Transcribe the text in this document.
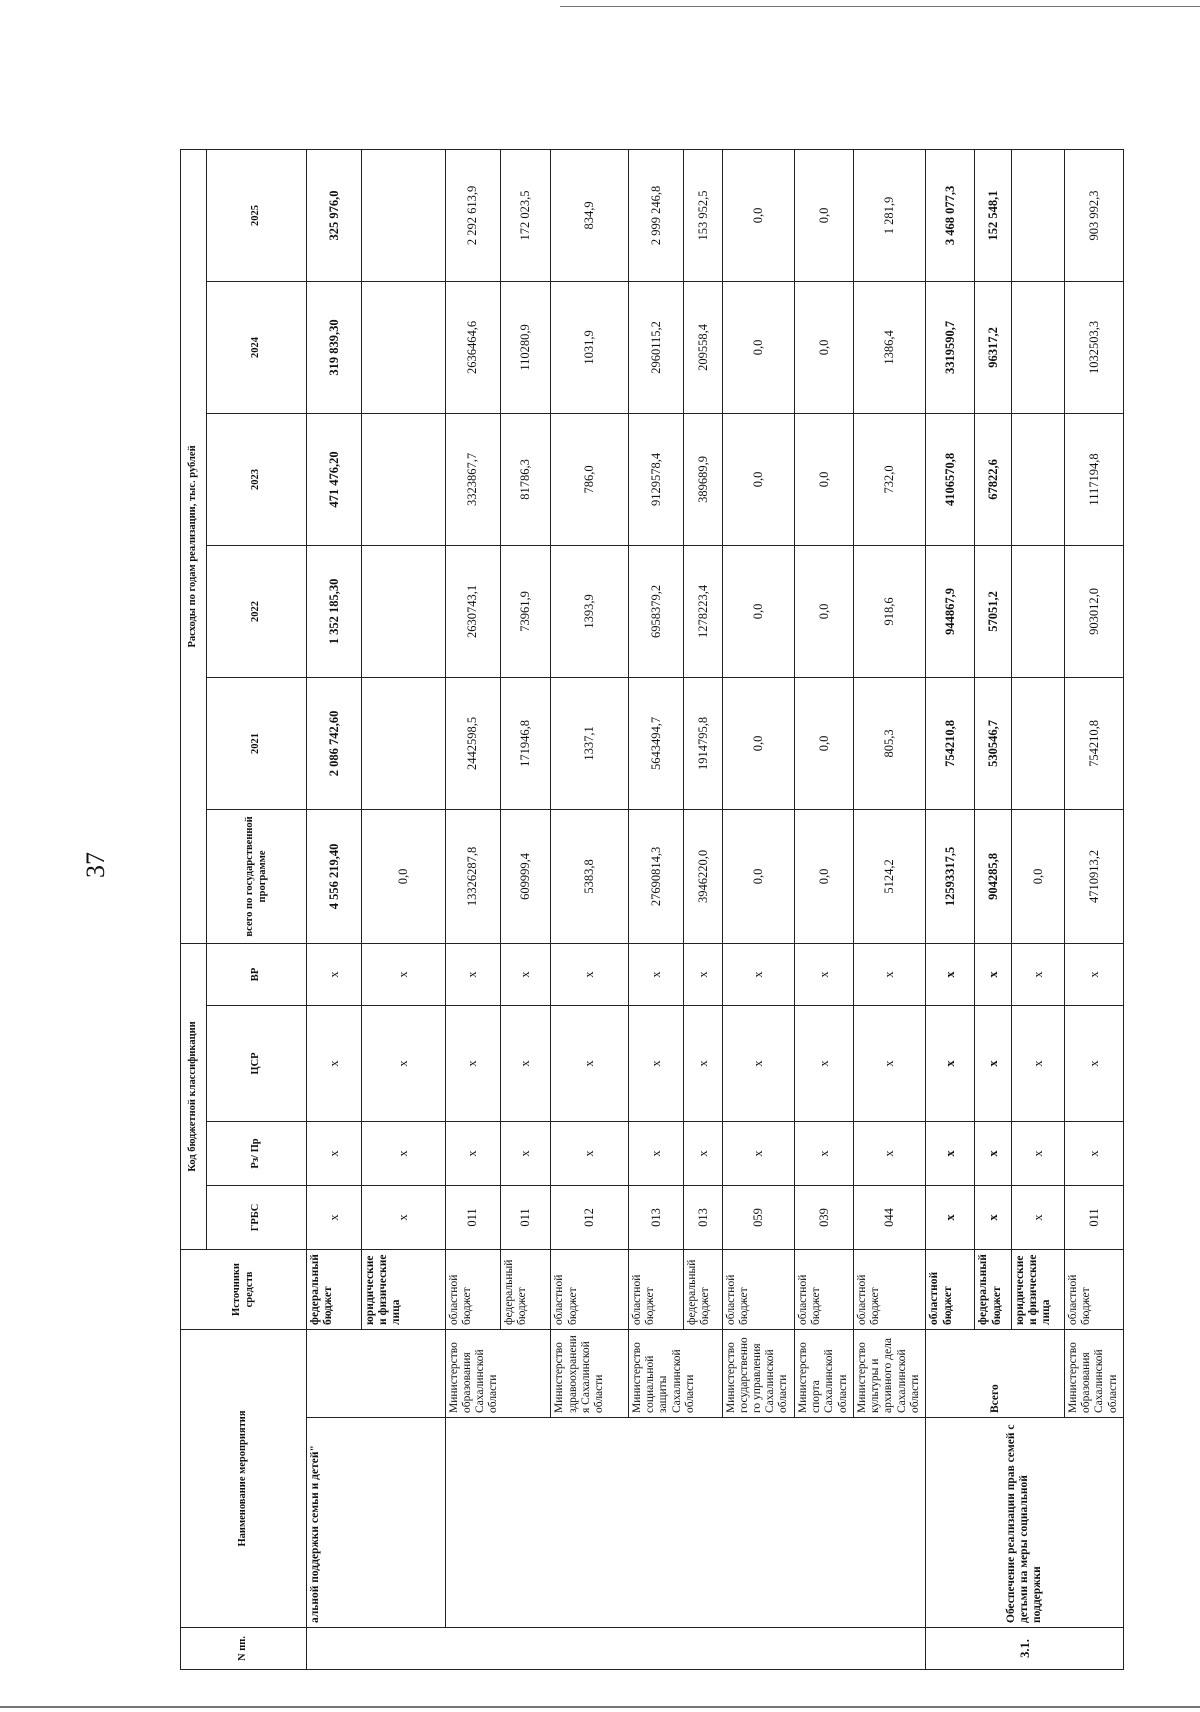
37
N пп.	Наименование мероприятия		Источники средств	Код бюджетной классификации				Расходы по годам реализации, тыс. рублей					
				ГРБС	Рз/ Пр	ЦСР	ВР	всего по государственной программе	2021	2022	2023	2024	2025
	альной поддержки семьи и детей"		федеральный бюджет	x	x	x	x	4 556 219,40	2 086 742,60	1 352 185,30	471 476,20	319 839,30	325 976,0
			юридические и физические лица	x	x	x	x	0,0					
		Министерство образования Сахалинской области	областной бюджет	011	x	x	x	13326287,8	2442598,5	2630743,1	3323867,7	2636464,6	2 292 613,9
			федеральный бюджет	011	x	x	x	609999,4	171946,8	73961,9	81786,3	110280,9	172 023,5
		Министерство здравоохранения Сахалинской области	областной бюджет	012	x	x	x	5383,8	1337,1	1393,9	786,0	1031,9	834,9
		Министерство социальной защиты Сахалинской области	областной бюджет	013	x	x	x	27690814,3	5643494,7	6958379,2	9129578,4	2960115,2	2 999 246,8
			федеральный бюджет	013	x	x	x	3946220,0	1914795,8	1278223,4	389689,9	209558,4	153 952,5
		Министерство государственного управления Сахалинской области	областной бюджет	059	x	x	x	0,0	0,0	0,0	0,0	0,0	0,0
		Министерство спорта Сахалинской области	областной бюджет	039	x	x	x	0,0	0,0	0,0	0,0	0,0	0,0
		Министерство культуры и архивного дела Сахалинской области	областной бюджет	044	x	x	x	5124,2	805,3	918,6	732,0	1386,4	1 281,9
3.1.	Обеспечение реализации прав семей с детьми на меры социальной поддержки	Всего	областной бюджет	x	x	x	x	12593317,5	754210,8	944867,9	4106570,8	3319590,7	3 468 077,3
			федеральный бюджет	x	x	x	x	904285,8	530546,7	57051,2	67822,6	96317,2	152 548,1
			юридические и физические лица	x	x	x	x	0,0					
		Министерство образования Сахалинской области	областной бюджет	011	x	x	x	4710913,2	754210,8	903012,0	1117194,8	1032503,3	903 992,3
